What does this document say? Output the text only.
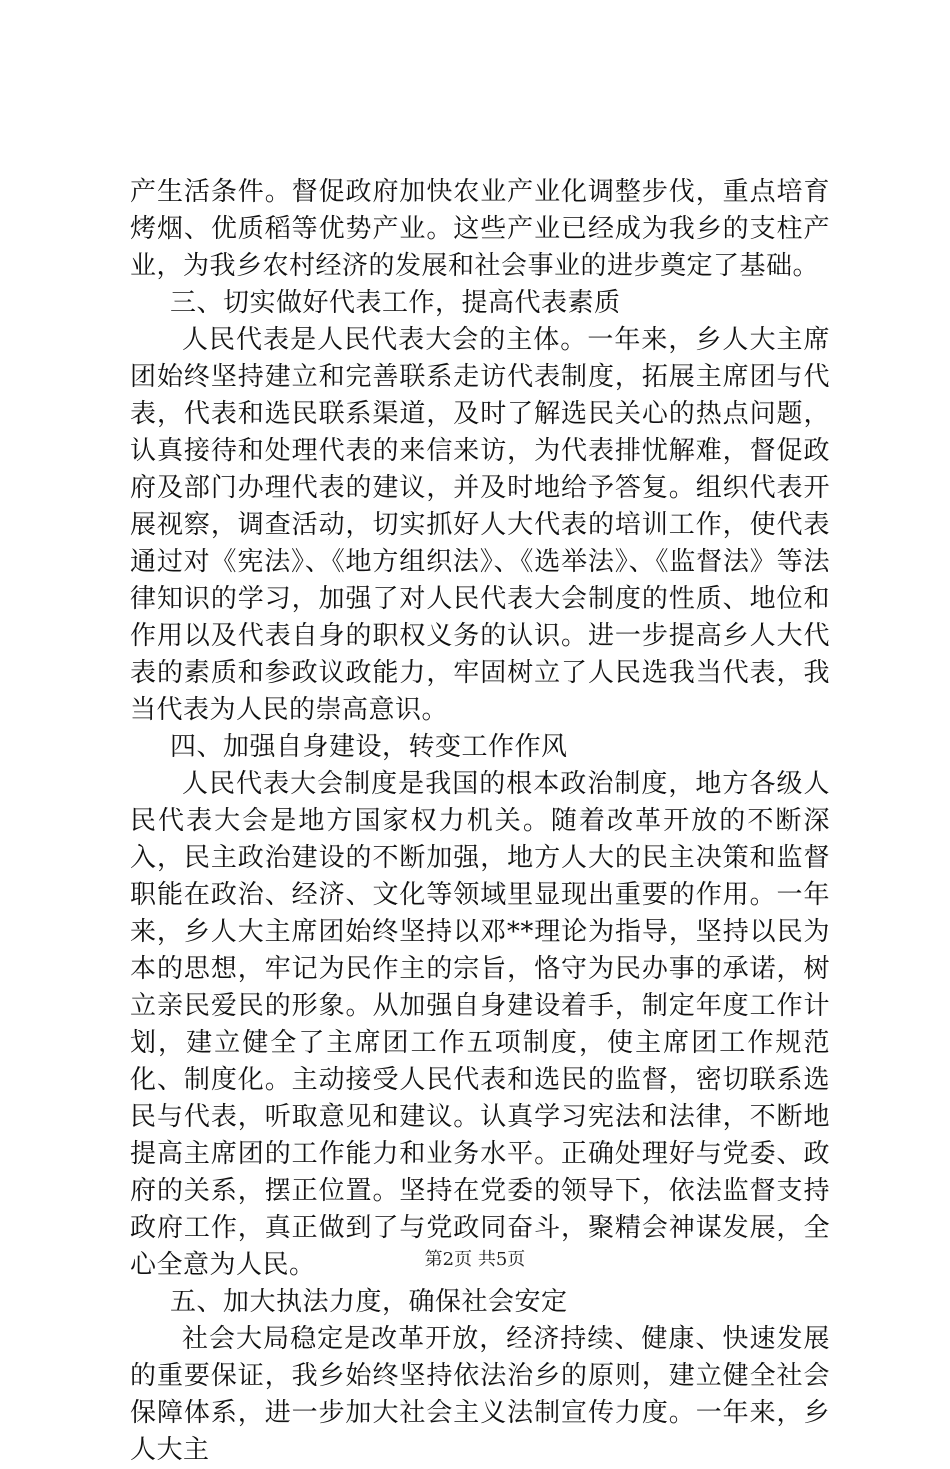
产生活条件。督促政府加快农业产业化调整步伐，重点培育烤烟、优质稻等优势产业。这些产业已经成为我乡的支柱产业，为我乡农村经济的发展和社会事业的进步奠定了基础。

三、切实做好代表工作，提高代表素质

人民代表是人民代表大会的主体。一年来，乡人大主席团始终坚持建立和完善联系走访代表制度，拓展主席团与代表，代表和选民联系渠道，及时了解选民关心的热点问题，认真接待和处理代表的来信来访，为代表排忧解难，督促政府及部门办理代表的建议，并及时地给予答复。组织代表开展视察，调查活动，切实抓好人大代表的培训工作，使代表通过对《宪法》、《地方组织法》、《选举法》、《监督法》等法律知识的学习，加强了对人民代表大会制度的性质、地位和作用以及代表自身的职权义务的认识。进一步提高乡人大代表的素质和参政议政能力，牢固树立了人民选我当代表，我当代表为人民的崇高意识。

四、加强自身建设，转变工作作风

人民代表大会制度是我国的根本政治制度，地方各级人民代表大会是地方国家权力机关。随着改革开放的不断深入，民主政治建设的不断加强，地方人大的民主决策和监督职能在政治、经济、文化等领域里显现出重要的作用。一年来，乡人大主席团始终坚持以邓**理论为指导，坚持以民为本的思想，牢记为民作主的宗旨，恪守为民办事的承诺，树立亲民爱民的形象。从加强自身建设着手，制定年度工作计划，建立健全了主席团工作五项制度，使主席团工作规范化、制度化。主动接受人民代表和选民的监督，密切联系选民与代表，听取意见和建议。认真学习宪法和法律，不断地提高主席团的工作能力和业务水平。正确处理好与党委、政府的关系，摆正位置。坚持在党委的领导下，依法监督支持政府工作，真正做到了与党政同奋斗，聚精会神谋发展，全心全意为人民。

五、加大执法力度，确保社会安定

社会大局稳定是改革开放，经济持续、健康、快速发展的重要保证，我乡始终坚持依法治乡的原则，建立健全社会保障体系，进一步加大社会主义法制宣传力度。一年来，乡人大主

第2页 共5页
